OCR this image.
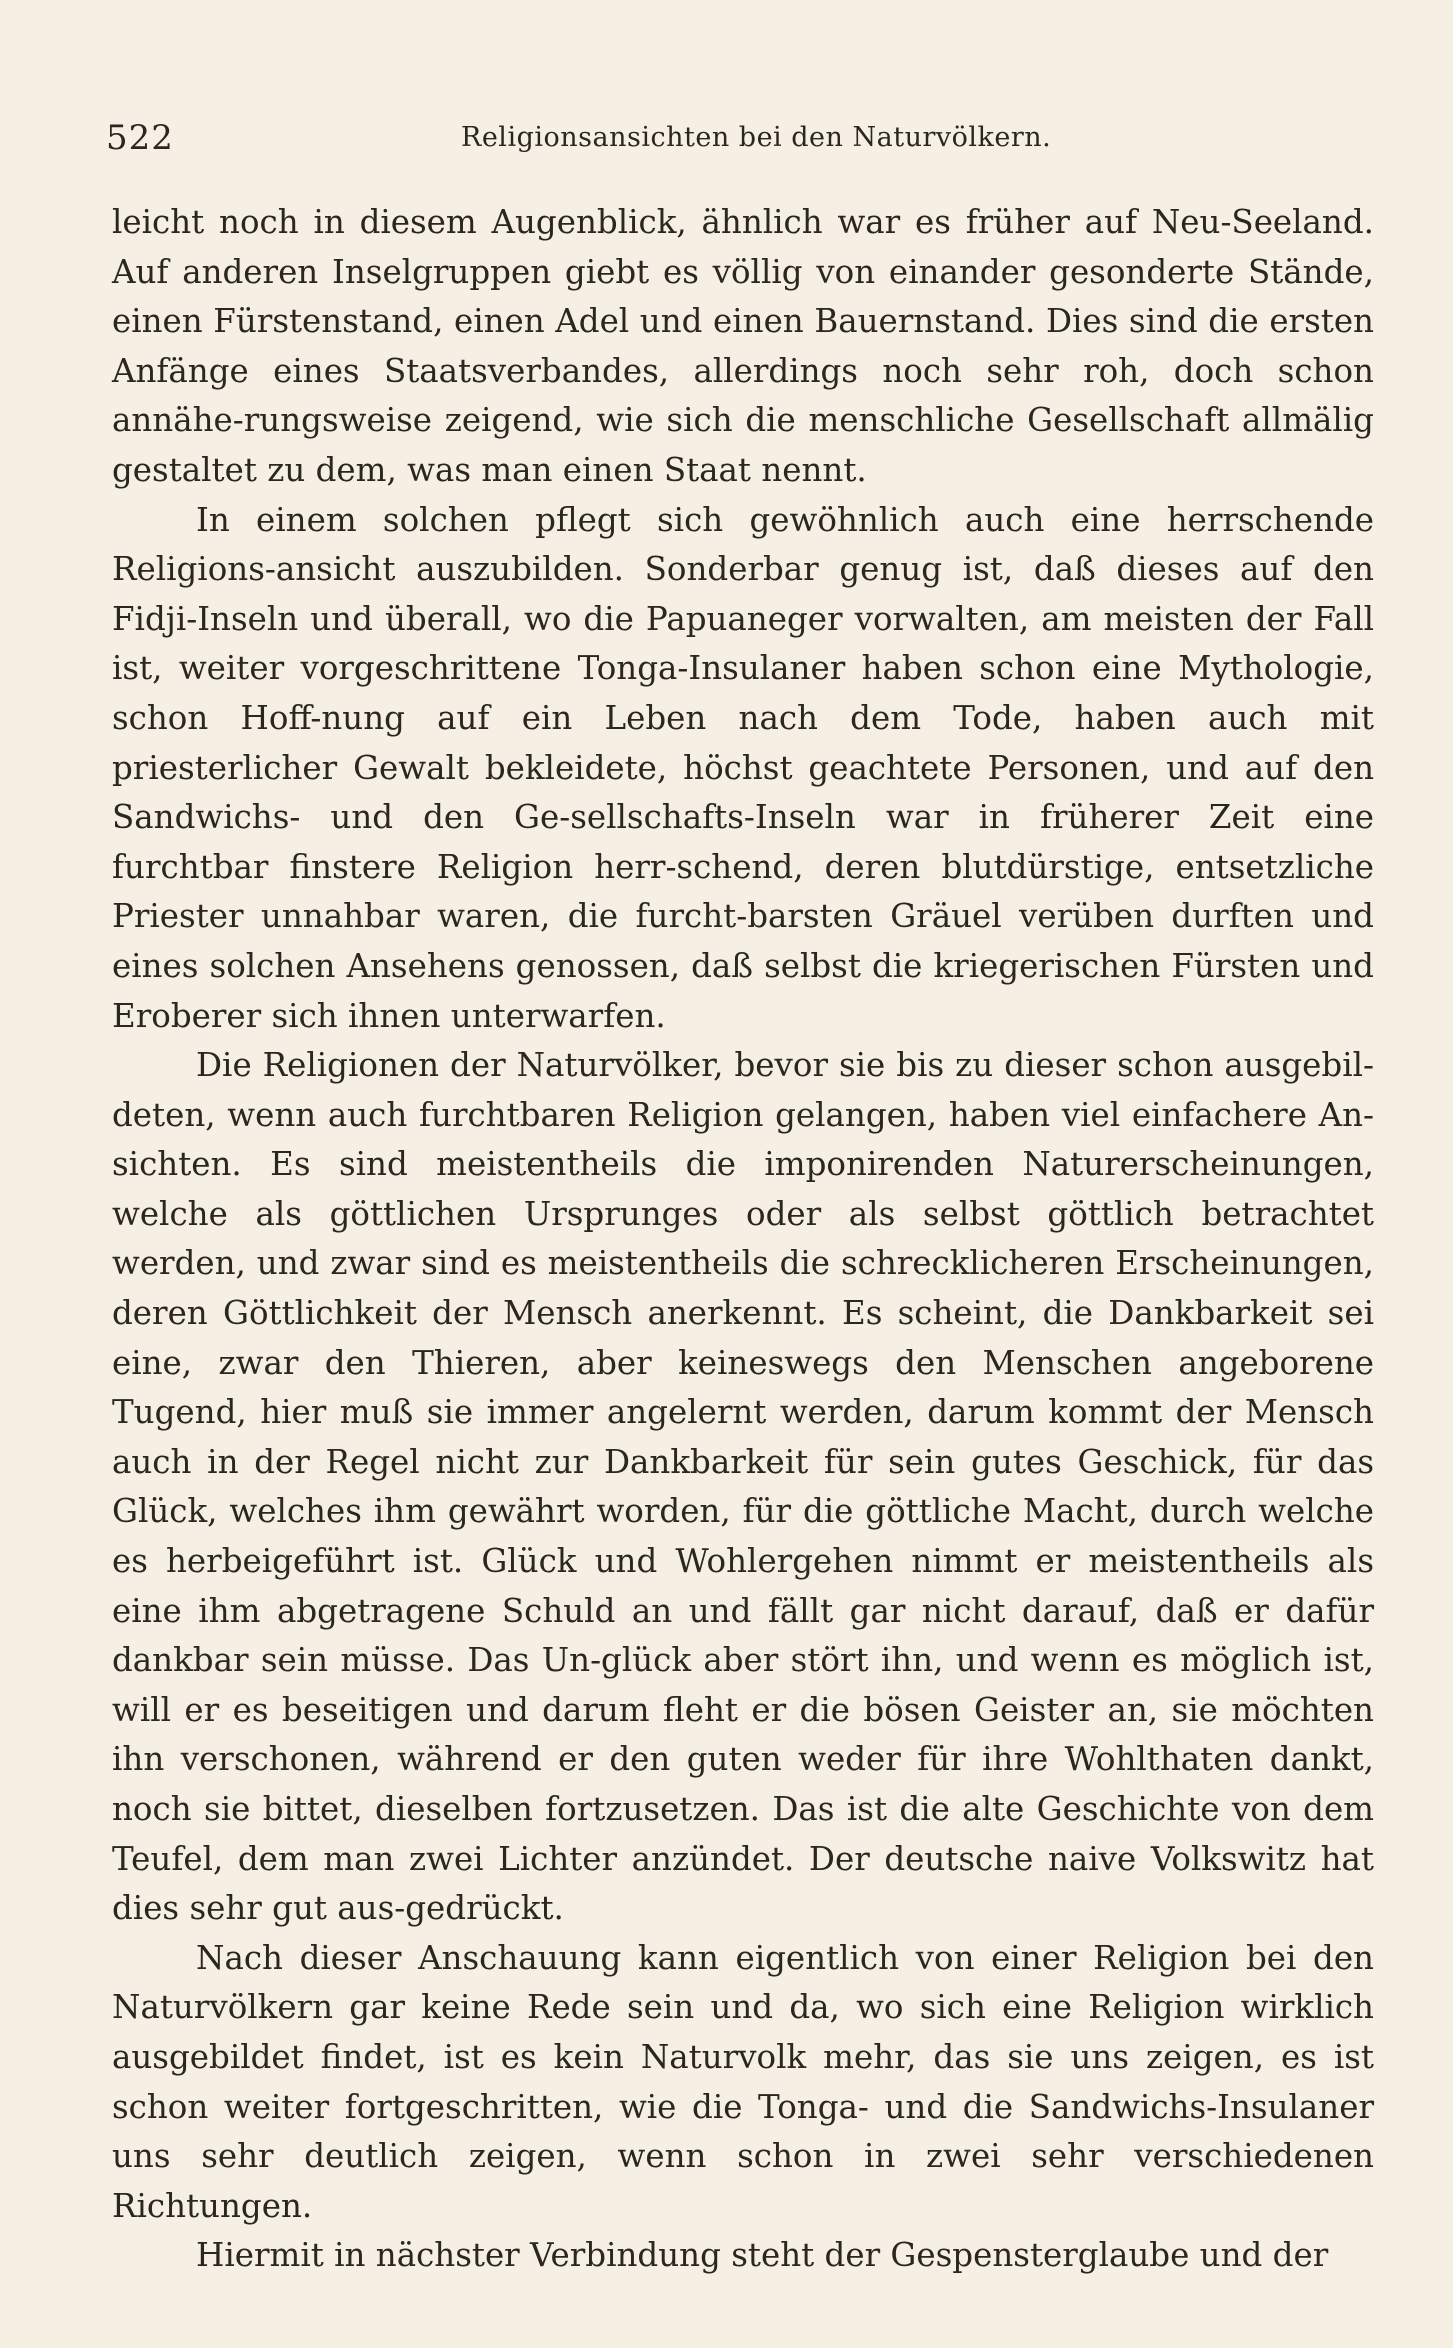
522	Religionsansichten bei den Naturvölkern.

leicht noch in diesem Augenblick, ähnlich war es früher auf Neu-Seeland. Auf anderen Inselgruppen giebt es völlig von einander gesonderte Stände, einen Fürstenstand, einen Adel und einen Bauernstand. Dies sind die ersten Anfänge eines Staatsverbandes, allerdings noch sehr roh, doch schon annähe-rungsweise zeigend, wie sich die menschliche Gesellschaft allmälig gestaltet zu dem, was man einen Staat nennt.

In einem solchen pflegt sich gewöhnlich auch eine herrschende Religions-ansicht auszubilden. Sonderbar genug ist, daß dieses auf den Fidji-Inseln und überall, wo die Papuaneger vorwalten, am meisten der Fall ist, weiter vorgeschrittene Tonga-Insulaner haben schon eine Mythologie, schon Hoff-nung auf ein Leben nach dem Tode, haben auch mit priesterlicher Gewalt bekleidete, höchst geachtete Personen, und auf den Sandwichs- und den Ge-sellschafts-Inseln war in früherer Zeit eine furchtbar finstere Religion herr-schend, deren blutdürstige, entsetzliche Priester unnahbar waren, die furcht-barsten Gräuel verüben durften und eines solchen Ansehens genossen, daß selbst die kriegerischen Fürsten und Eroberer sich ihnen unterwarfen.

Die Religionen der Naturvölker, bevor sie bis zu dieser schon ausgebil-deten, wenn auch furchtbaren Religion gelangen, haben viel einfachere An-sichten. Es sind meistentheils die imponirenden Naturerscheinungen, welche als göttlichen Ursprunges oder als selbst göttlich betrachtet werden, und zwar sind es meistentheils die schrecklicheren Erscheinungen, deren Göttlichkeit der Mensch anerkennt. Es scheint, die Dankbarkeit sei eine, zwar den Thieren, aber keineswegs den Menschen angeborene Tugend, hier muß sie immer angelernt werden, darum kommt der Mensch auch in der Regel nicht zur Dankbarkeit für sein gutes Geschick, für das Glück, welches ihm gewährt worden, für die göttliche Macht, durch welche es herbeigeführt ist. Glück und Wohlergehen nimmt er meistentheils als eine ihm abgetragene Schuld an und fällt gar nicht darauf, daß er dafür dankbar sein müsse. Das Un-glück aber stört ihn, und wenn es möglich ist, will er es beseitigen und darum fleht er die bösen Geister an, sie möchten ihn verschonen, während er den guten weder für ihre Wohlthaten dankt, noch sie bittet, dieselben fortzusetzen. Das ist die alte Geschichte von dem Teufel, dem man zwei Lichter anzündet. Der deutsche naive Volkswitz hat dies sehr gut aus-gedrückt.

Nach dieser Anschauung kann eigentlich von einer Religion bei den Naturvölkern gar keine Rede sein und da, wo sich eine Religion wirklich ausgebildet findet, ist es kein Naturvolk mehr, das sie uns zeigen, es ist schon weiter fortgeschritten, wie die Tonga- und die Sandwichs-Insulaner uns sehr deutlich zeigen, wenn schon in zwei sehr verschiedenen Richtungen.

Hiermit in nächster Verbindung steht der Gespensterglaube und der
